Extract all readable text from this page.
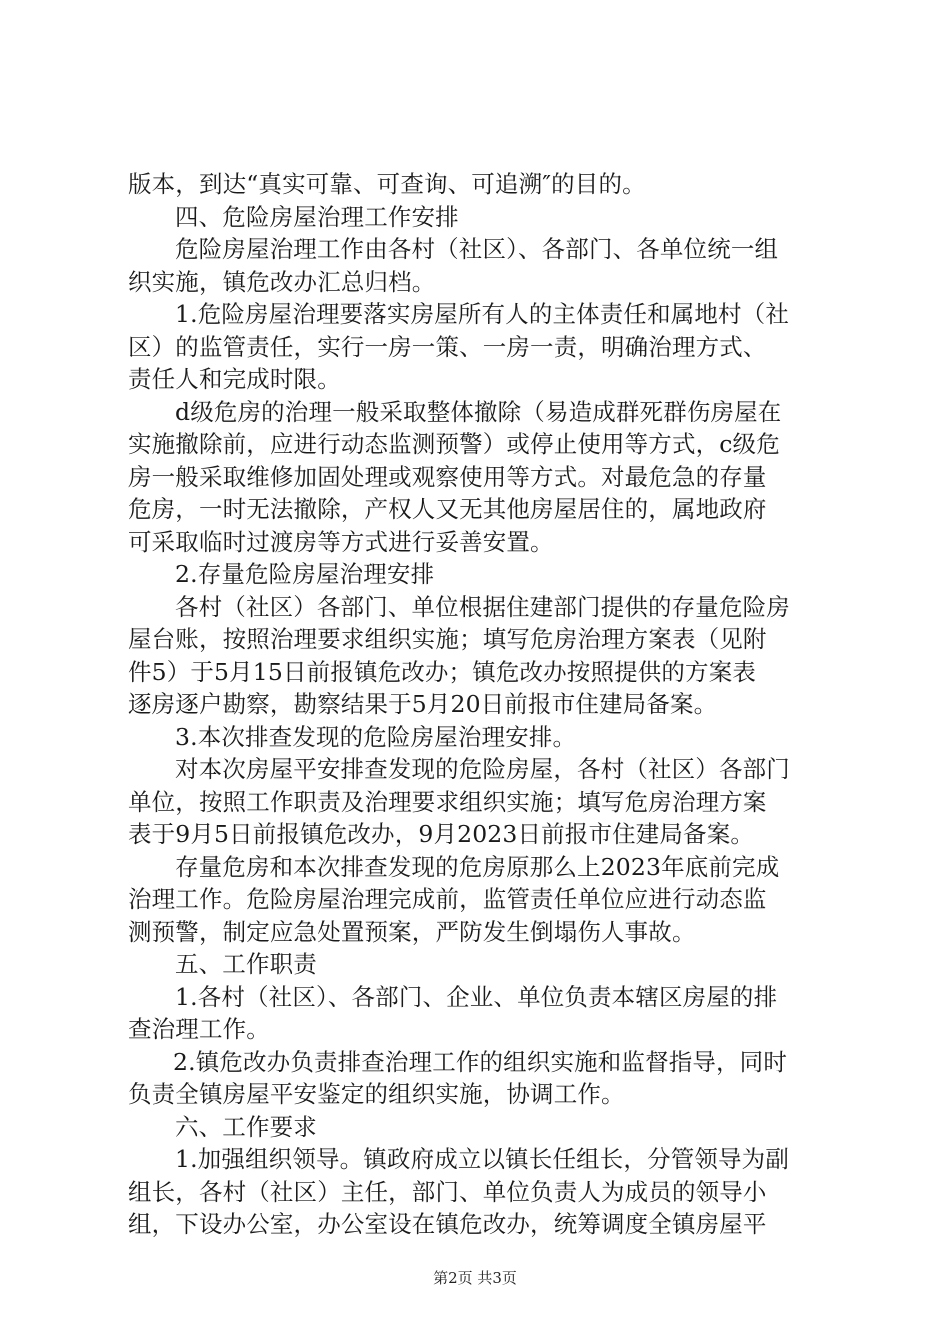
版本，到达“真实可靠、可查询、可追溯″的目的。
四、危险房屋治理工作安排
危险房屋治理工作由各村（社区）、各部门、各单位统一组
织实施，镇危改办汇总归档。
1.危险房屋治理要落实房屋所有人的主体责任和属地村（社
区）的监管责任，实行一房一策、一房一责，明确治理方式、
责任人和完成时限。
d级危房的治理一般采取整体撤除（易造成群死群伤房屋在
实施撤除前，应进行动态监测预警）或停止使用等方式，c级危
房一般采取维修加固处理或观察使用等方式。对最危急的存量
危房，一时无法撤除，产权人又无其他房屋居住的，属地政府
可采取临时过渡房等方式进行妥善安置。
2.存量危险房屋治理安排
各村（社区）各部门、单位根据住建部门提供的存量危险房
屋台账，按照治理要求组织实施；填写危房治理方案表（见附
件5）于5月15日前报镇危改办；镇危改办按照提供的方案表
逐房逐户勘察，勘察结果于5月20日前报市住建局备案。
3.本次排查发现的危险房屋治理安排。
对本次房屋平安排查发现的危险房屋，各村（社区）各部门
单位，按照工作职责及治理要求组织实施；填写危房治理方案
表于9月5日前报镇危改办，9月2023日前报市住建局备案。
存量危房和本次排查发现的危房原那么上2023年底前完成
治理工作。危险房屋治理完成前，监管责任单位应进行动态监
测预警，制定应急处置预案，严防发生倒塌伤人事故。
五、工作职责
1.各村（社区）、各部门、企业、单位负责本辖区房屋的排
查治理工作。
2.镇危改办负责排查治理工作的组织实施和监督指导，同时
负责全镇房屋平安鉴定的组织实施，协调工作。
六、工作要求
1.加强组织领导。镇政府成立以镇长任组长，分管领导为副
组长，各村（社区）主任，部门、单位负责人为成员的领导小
组，下设办公室，办公室设在镇危改办，统筹调度全镇房屋平
第2页 共3页
